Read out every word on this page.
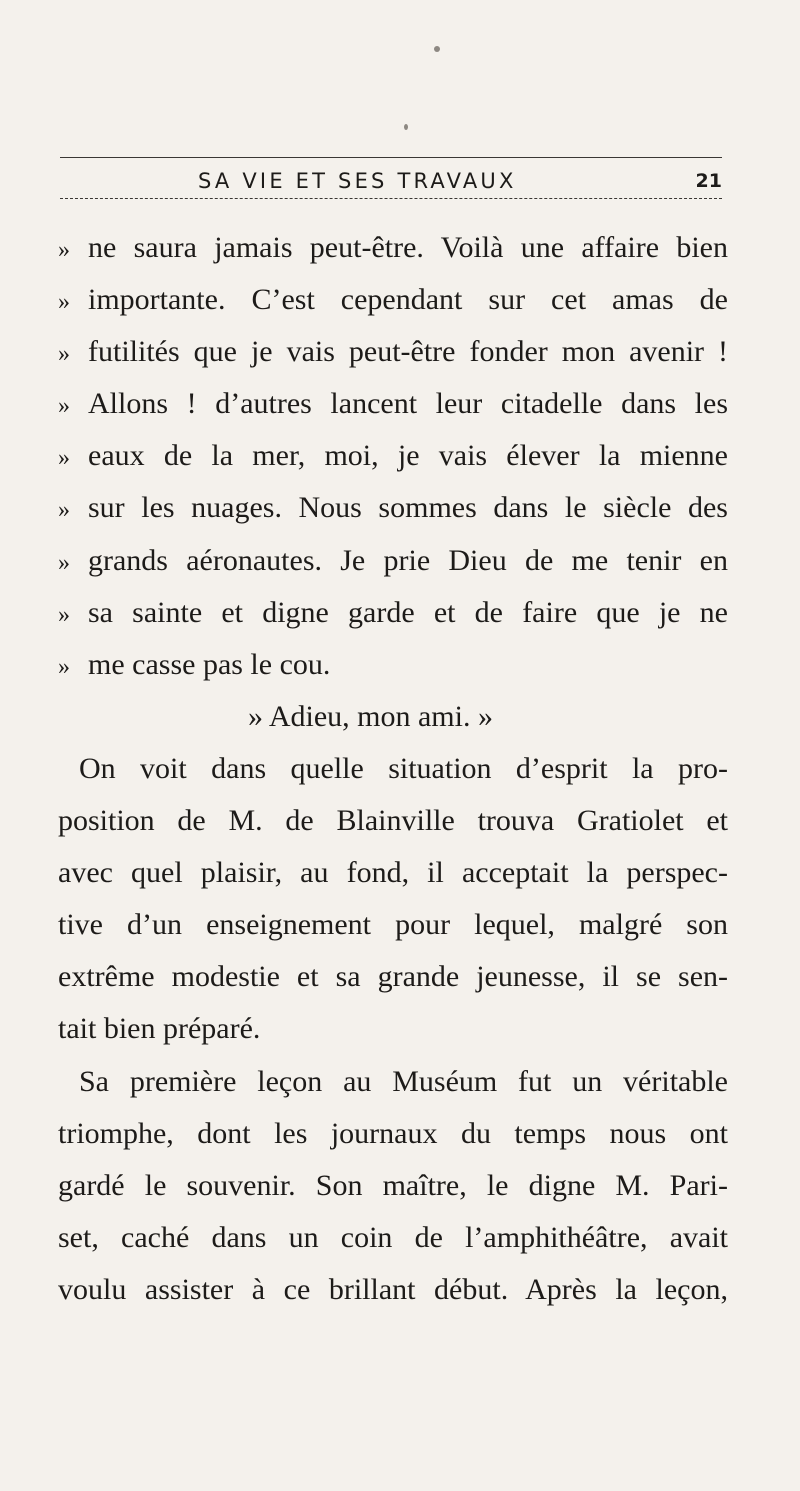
SA VIE ET SES TRAVAUX	21
» ne saura jamais peut-être. Voilà une affaire bien
» importante. C’est cependant sur cet amas de
» futilités que je vais peut-être fonder mon avenir !
» Allons ! d’autres lancent leur citadelle dans les
» eaux de la mer, moi, je vais élever la mienne
» sur les nuages. Nous sommes dans le siècle des
» grands aéronautes. Je prie Dieu de me tenir en
» sa sainte et digne garde et de faire que je ne
» me casse pas le cou.
» Adieu, mon ami. »
On voit dans quelle situation d’esprit la pro-
position de M. de Blainville trouva Gratiolet et
avec quel plaisir, au fond, il acceptait la perspec-
tive d’un enseignement pour lequel, malgré son
extrême modestie et sa grande jeunesse, il se sen-
tait bien préparé.
Sa première leçon au Muséum fut un véritable
triomphe, dont les journaux du temps nous ont
gardé le souvenir. Son maître, le digne M. Pari-
set, caché dans un coin de l’amphithéâtre, avait
voulu assister à ce brillant début. Après la leçon,
